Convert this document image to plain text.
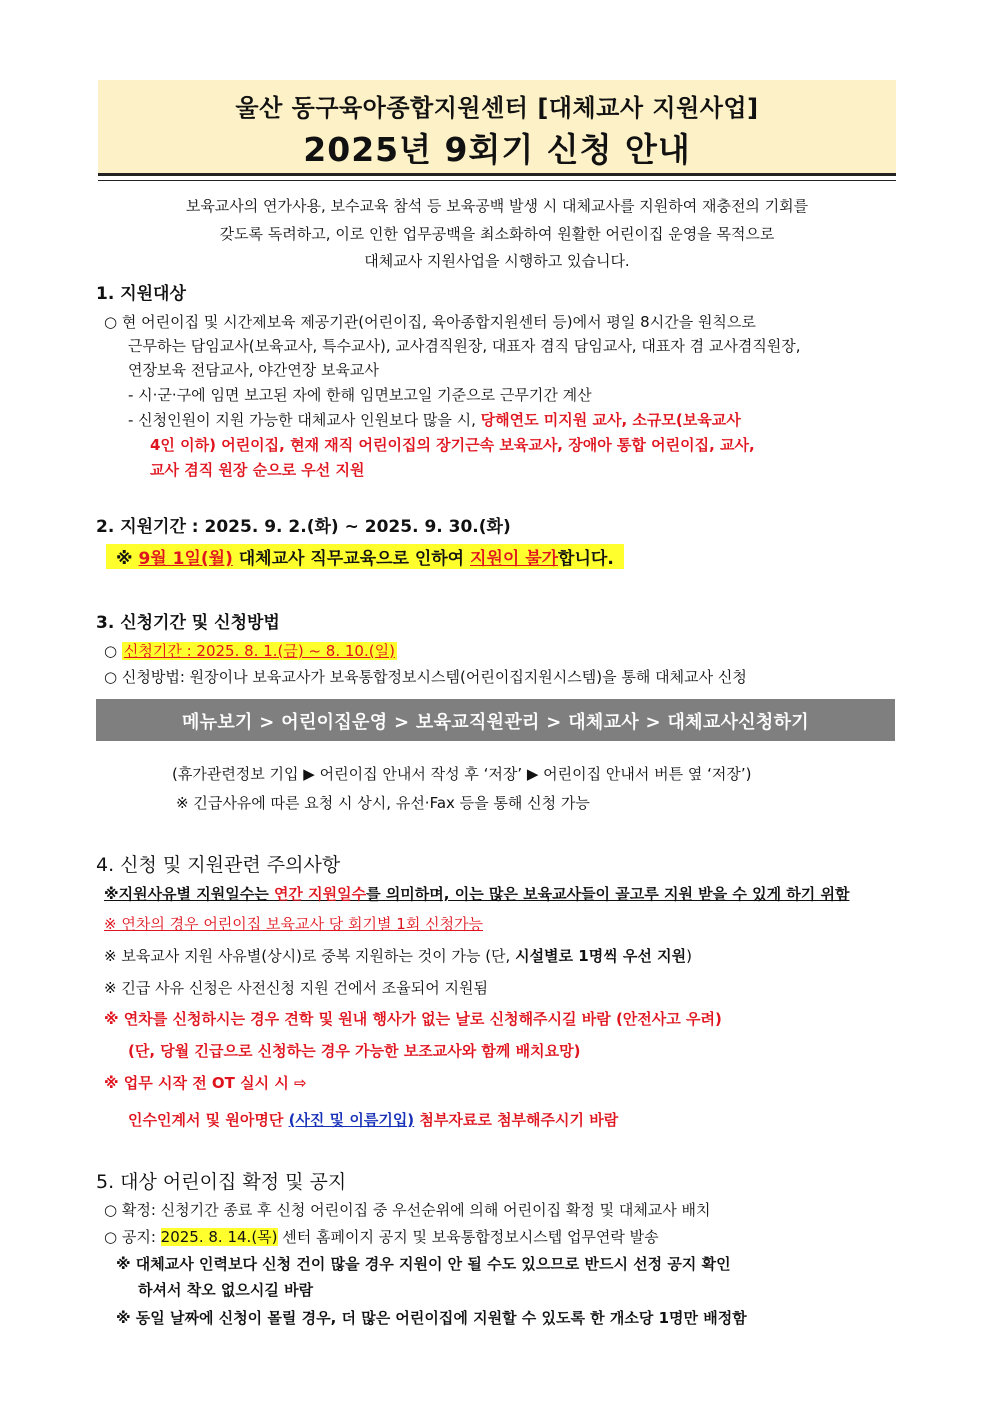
울산 동구육아종합지원센터 [대체교사 지원사업]
2025년 9회기 신청 안내
보육교사의 연가사용, 보수교육 참석 등 보육공백 발생 시 대체교사를 지원하여 재충전의 기회를
갖도록 독려하고, 이로 인한 업무공백을 최소화하여 원활한 어린이집 운영을 목적으로
대체교사 지원사업을 시행하고 있습니다.
1. 지원대상
○ 현 어린이집 및 시간제보육 제공기관(어린이집, 육아종합지원센터 등)에서 평일 8시간을 원칙으로
근무하는 담임교사(보육교사, 특수교사), 교사겸직원장, 대표자 겸직 담임교사, 대표자 겸 교사겸직원장,
연장보육 전담교사, 야간연장 보육교사
- 시·군·구에 임면 보고된 자에 한해 임면보고일 기준으로 근무기간 계산
- 신청인원이 지원 가능한 대체교사 인원보다 많을 시, 당해연도 미지원 교사, 소규모(보육교사
4인 이하) 어린이집, 현재 재직 어린이집의 장기근속 보육교사, 장애아 통합 어린이집, 교사,
교사 겸직 원장 순으로 우선 지원
2. 지원기간 : 2025. 9. 2.(화) ~ 2025. 9. 30.(화)
※ 9월 1일(월) 대체교사 직무교육으로 인하여 지원이 불가합니다.
3. 신청기간 및 신청방법
○ 신청기간 : 2025. 8. 1.(금) ~ 8. 10.(일)
○ 신청방법: 원장이나 보육교사가 보육통합정보시스템(어린이집지원시스템)을 통해 대체교사 신청
메뉴보기 > 어린이집운영 > 보육교직원관리 > 대체교사 > 대체교사신청하기
(휴가관련정보 기입 ▶ 어린이집 안내서 작성 후 ‘저장’ ▶ 어린이집 안내서 버튼 옆 ‘저장’)
※ 긴급사유에 따른 요청 시 상시, 유선·Fax 등을 통해 신청 가능
4. 신청 및 지원관련 주의사항
※지원사유별 지원일수는 연간 지원일수를 의미하며, 이는 많은 보육교사들이 골고루 지원 받을 수 있게 하기 위함
※ 연차의 경우 어린이집 보육교사 당 회기별 1회 신청가능
※ 보육교사 지원 사유별(상시)로 중복 지원하는 것이 가능 (단, 시설별로 1명씩 우선 지원)
※ 긴급 사유 신청은 사전신청 지원 건에서 조율되어 지원됨
※ 연차를 신청하시는 경우 견학 및 원내 행사가 없는 날로 신청해주시길 바람 (안전사고 우려)
(단, 당월 긴급으로 신청하는 경우 가능한 보조교사와 함께 배치요망)
※ 업무 시작 전 OT 실시 시 ⇨
인수인계서 및 원아명단 (사진 및 이름기입) 첨부자료로 첨부해주시기 바람
5. 대상 어린이집 확정 및 공지
○ 확정: 신청기간 종료 후 신청 어린이집 중 우선순위에 의해 어린이집 확정 및 대체교사 배치
○ 공지: 2025. 8. 14.(목) 센터 홈페이지 공지 및 보육통합정보시스텝 업무연락 발송
※ 대체교사 인력보다 신청 건이 많을 경우 지원이 안 될 수도 있으므로 반드시 선정 공지 확인
하셔서 착오 없으시길 바람
※ 동일 날짜에 신청이 몰릴 경우, 더 많은 어린이집에 지원할 수 있도록 한 개소당 1명만 배정함
